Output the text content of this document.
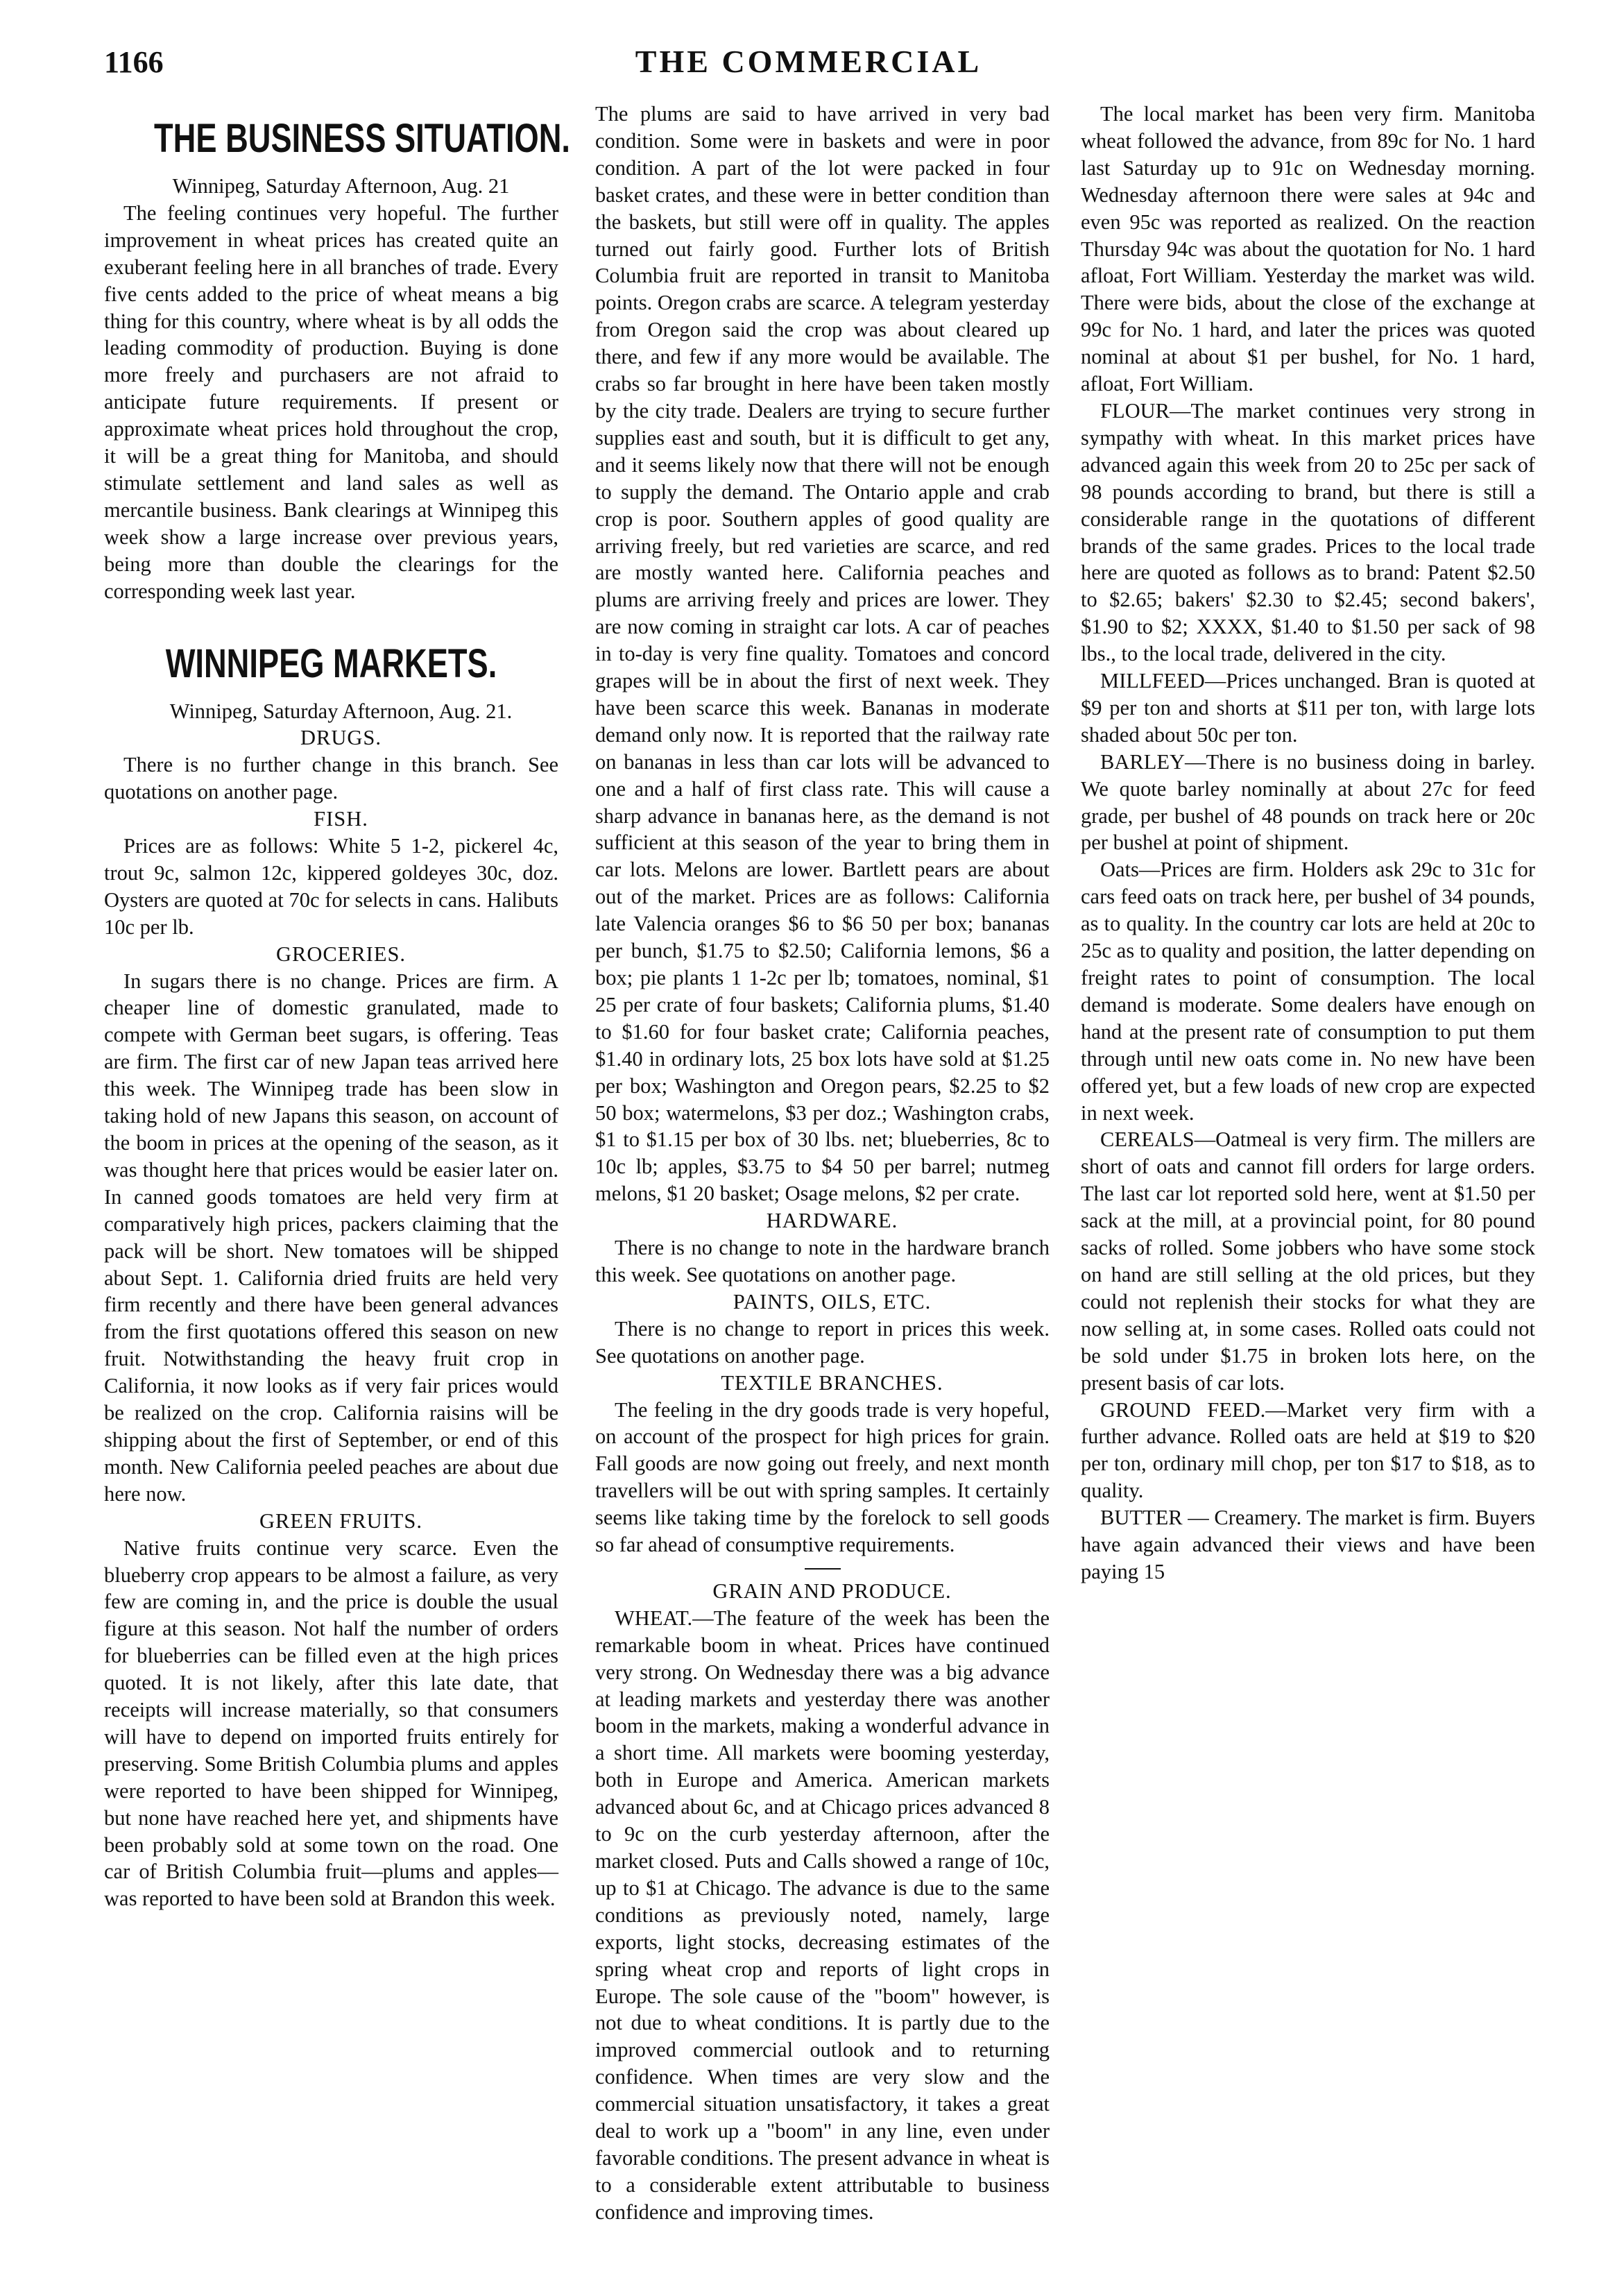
1166	THE COMMERCIAL
THE BUSINESS SITUATION.

Winnipeg, Saturday Afternoon, Aug. 21

The feeling continues very hopeful. The further improvement in wheat prices has created quite an exuberant feeling here in all branches of trade. Every five cents added to the price of wheat means a big thing for this country, where wheat is by all odds the leading commodity of production. Buying is done more freely and purchasers are not afraid to anticipate future requirements. If present or approximate wheat prices hold throughout the crop, it will be a great thing for Manitoba, and should stimulate settlement and land sales as well as mercantile business. Bank clearings at Winnipeg this week show a large increase over previous years, being more than double the clearings for the corresponding week last year.

WINNIPEG MARKETS.

Winnipeg, Saturday Afternoon, Aug. 21.

DRUGS.

There is no further change in this branch. See quotations on another page.

FISH.

Prices are as follows: White 5 1-2, pickerel 4c, trout 9c, salmon 12c, kippered goldeyes 30c, doz. Oysters are quoted at 70c for selects in cans. Halibuts 10c per lb.

GROCERIES.

In sugars there is no change. Prices are firm. A cheaper line of domestic granulated, made to compete with German beet sugars, is offering. Teas are firm. The first car of new Japan teas arrived here this week. The Winnipeg trade has been slow in taking hold of new Japans this season, on account of the boom in prices at the opening of the season, as it was thought here that prices would be easier later on. In canned goods tomatoes are held very firm at comparatively high prices, packers claiming that the pack will be short. New tomatoes will be shipped about Sept. 1. California dried fruits are held very firm recently and there have been general advances from the first quotations offered this season on new fruit. Notwithstanding the heavy fruit crop in California, it now looks as if very fair prices would be realized on the crop. California raisins will be shipping about the first of September, or end of this month. New California peeled peaches are about due here now.

GREEN FRUITS.

Native fruits continue very scarce. Even the blueberry crop appears to be almost a failure, as very few are coming in, and the price is double the usual figure at this season. Not half the number of orders for blueberries can be filled even at the high prices quoted. It is not likely, after this late date, that receipts will increase materially, so that consumers will have to depend on imported fruits entirely for preserving. Some British Columbia plums and apples were reported to have been shipped for Winnipeg, but none have reached here yet, and shipments have been probably sold at some town on the road. One car of British Columbia fruit—plums and apples—was reported to have been sold at Brandon this week.

The plums are said to have arrived in very bad condition. Some were in baskets and were in poor condition. A part of the lot were packed in four basket crates, and these were in better condition than the baskets, but still were off in quality. The apples turned out fairly good. Further lots of British Columbia fruit are reported in transit to Manitoba points. Oregon crabs are scarce. A telegram yesterday from Oregon said the crop was about cleared up there, and few if any more would be available. The crabs so far brought in here have been taken mostly by the city trade. Dealers are trying to secure further supplies east and south, but it is difficult to get any, and it seems likely now that there will not be enough to supply the demand. The Ontario apple and crab crop is poor. Southern apples of good quality are arriving freely, but red varieties are scarce, and red are mostly wanted here. California peaches and plums are arriving freely and prices are lower. They are now coming in straight car lots. A car of peaches in to-day is very fine quality. Tomatoes and concord grapes will be in about the first of next week. They have been scarce this week. Bananas in moderate demand only now. It is reported that the railway rate on bananas in less than car lots will be advanced to one and a half of first class rate. This will cause a sharp advance in bananas here, as the demand is not sufficient at this season of the year to bring them in car lots. Melons are lower. Bartlett pears are about out of the market. Prices are as follows: California late Valencia oranges $6 to $6 50 per box; bananas per bunch, $1.75 to $2.50; California lemons, $6 a box; pie plants 1 1-2c per lb; tomatoes, nominal, $1 25 per crate of four baskets; California plums, $1.40 to $1.60 for four basket crate; California peaches, $1.40 in ordinary lots, 25 box lots have sold at $1.25 per box; Washington and Oregon pears, $2.25 to $2 50 box; watermelons, $3 per doz.; Washington crabs, $1 to $1.15 per box of 30 lbs. net; blueberries, 8c to 10c lb; apples, $3.75 to $4 50 per barrel; nutmeg melons, $1 20 basket; Osage melons, $2 per crate.

HARDWARE.

There is no change to note in the hardware branch this week. See quotations on another page.

PAINTS, OILS, ETC.

There is no change to report in prices this week. See quotations on another page.

TEXTILE BRANCHES.

The feeling in the dry goods trade is very hopeful, on account of the prospect for high prices for grain. Fall goods are now going out freely, and next month travellers will be out with spring samples. It certainly seems like taking time by the forelock to sell goods so far ahead of consumptive requirements.

GRAIN AND PRODUCE.

WHEAT.—The feature of the week has been the remarkable boom in wheat. Prices have continued very strong. On Wednesday there was a big advance at leading markets and yesterday there was another boom in the markets, making a wonderful advance in a short time. All markets were booming yesterday, both in Europe and America. American markets advanced about 6c, and at Chicago prices advanced 8 to 9c on the curb yesterday afternoon, after the market closed. Puts and Calls showed a range of 10c, up to $1 at Chicago. The advance is due to the same conditions as previously noted, namely, large exports, light stocks, decreasing estimates of the spring wheat crop and reports of light crops in Europe. The sole cause of the "boom" however, is not due to wheat conditions. It is partly due to the improved commercial outlook and to returning confidence. When times are very slow and the commercial situation unsatisfactory, it takes a great deal to work up a "boom" in any line, even under favorable conditions. The present advance in wheat is to a considerable extent attributable to business confidence and improving times.

The local market has been very firm. Manitoba wheat followed the advance, from 89c for No. 1 hard last Saturday up to 91c on Wednesday morning. Wednesday afternoon there were sales at 94c and even 95c was reported as realized. On the reaction Thursday 94c was about the quotation for No. 1 hard afloat, Fort William. Yesterday the market was wild. There were bids, about the close of the exchange at 99c for No. 1 hard, and later the prices was quoted nominal at about $1 per bushel, for No. 1 hard, afloat, Fort William.

FLOUR—The market continues very strong in sympathy with wheat. In this market prices have advanced again this week from 20 to 25c per sack of 98 pounds according to brand, but there is still a considerable range in the quotations of different brands of the same grades. Prices to the local trade here are quoted as follows as to brand: Patent $2.50 to $2.65; bakers' $2.30 to $2.45; second bakers', $1.90 to $2; XXXX, $1.40 to $1.50 per sack of 98 lbs., to the local trade, delivered in the city.

MILLFEED—Prices unchanged. Bran is quoted at $9 per ton and shorts at $11 per ton, with large lots shaded about 50c per ton.

BARLEY—There is no business doing in barley. We quote barley nominally at about 27c for feed grade, per bushel of 48 pounds on track here or 20c per bushel at point of shipment.

Oats—Prices are firm. Holders ask 29c to 31c for cars feed oats on track here, per bushel of 34 pounds, as to quality. In the country car lots are held at 20c to 25c as to quality and position, the latter depending on freight rates to point of consumption. The local demand is moderate. Some dealers have enough on hand at the present rate of consumption to put them through until new oats come in. No new have been offered yet, but a few loads of new crop are expected in next week.

CEREALS—Oatmeal is very firm. The millers are short of oats and cannot fill orders for large orders. The last car lot reported sold here, went at $1.50 per sack at the mill, at a provincial point, for 80 pound sacks of rolled. Some jobbers who have some stock on hand are still selling at the old prices, but they could not replenish their stocks for what they are now selling at, in some cases. Rolled oats could not be sold under $1.75 in broken lots here, on the present basis of car lots.

GROUND FEED.—Market very firm with a further advance. Rolled oats are held at $19 to $20 per ton, ordinary mill chop, per ton $17 to $18, as to quality.

BUTTER — Creamery. The market is firm. Buyers have again advanced their views and have been paying 15
